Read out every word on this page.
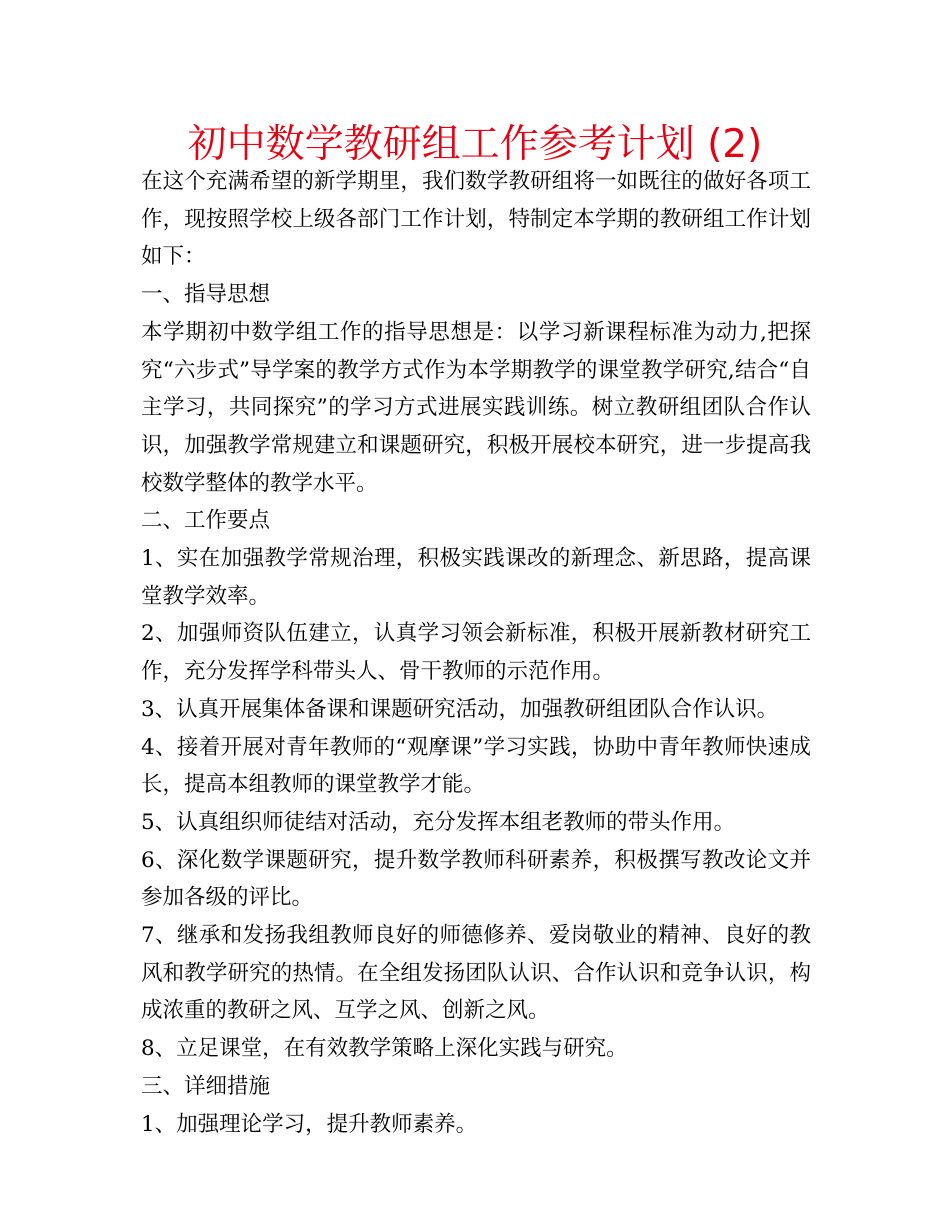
初中数学教研组工作参考计划 (2)

在这个充满希望的新学期里，我们数学教研组将一如既往的做好各项工作，现按照学校上级各部门工作计划，特制定本学期的教研组工作计划如下：

一、指导思想

本学期初中数学组工作的指导思想是：以学习新课程标准为动力,把探究“六步式”导学案的教学方式作为本学期教学的课堂教学研究,结合“自主学习，共同探究”的学习方式进展实践训练。树立教研组团队合作认识，加强教学常规建立和课题研究，积极开展校本研究，进一步提高我校数学整体的教学水平。

二、工作要点

1、实在加强教学常规治理，积极实践课改的新理念、新思路，提高课堂教学效率。

2、加强师资队伍建立，认真学习领会新标准，积极开展新教材研究工作，充分发挥学科带头人、骨干教师的示范作用。

3、认真开展集体备课和课题研究活动，加强教研组团队合作认识。

4、接着开展对青年教师的“观摩课”学习实践，协助中青年教师快速成长，提高本组教师的课堂教学才能。

5、认真组织师徒结对活动，充分发挥本组老教师的带头作用。

6、深化数学课题研究，提升数学教师科研素养，积极撰写教改论文并参加各级的评比。

7、继承和发扬我组教师良好的师德修养、爱岗敬业的精神、良好的教风和教学研究的热情。在全组发扬团队认识、合作认识和竞争认识，构成浓重的教研之风、互学之风、创新之风。

8、立足课堂，在有效教学策略上深化实践与研究。

三、详细措施

1、加强理论学习，提升教师素养。
